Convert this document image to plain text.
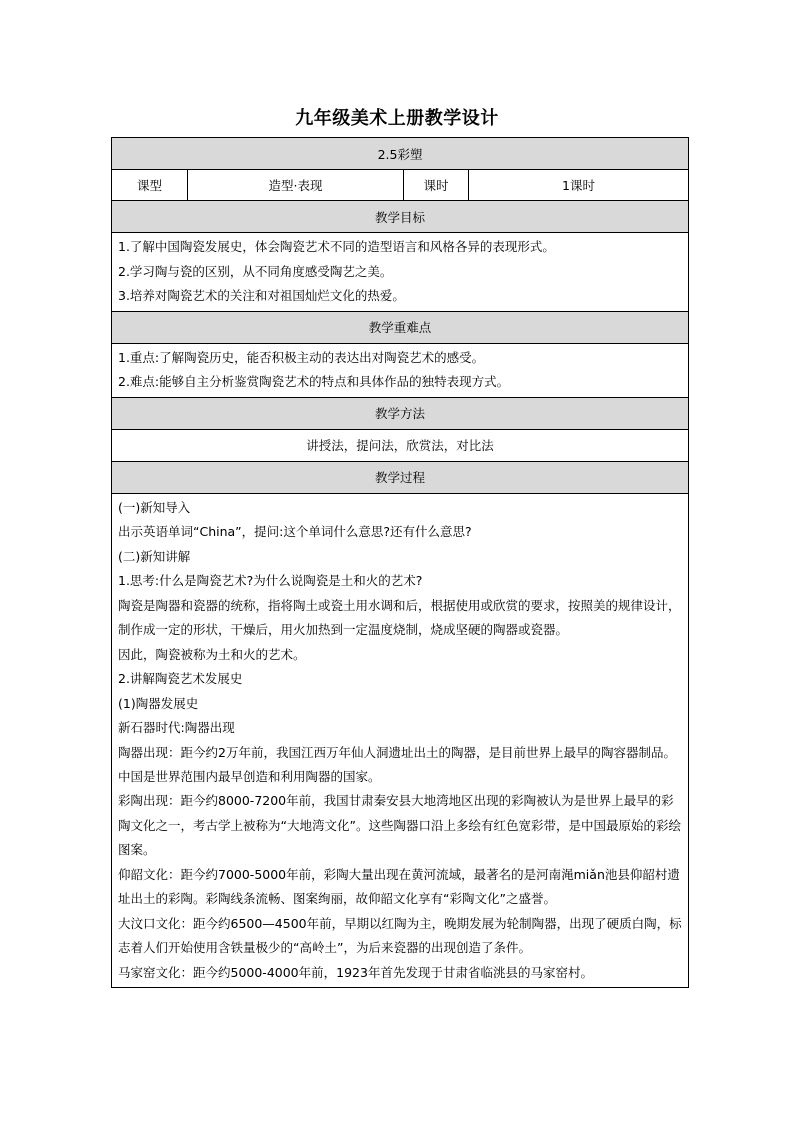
九年级美术上册教学设计
2.5彩塑
课型	造型·表现	课时	1课时
教学目标

1.了解中国陶瓷发展史，体会陶瓷艺术不同的造型语言和风格各异的表现形式。
2.学习陶与瓷的区别，从不同角度感受陶艺之美。
3.培养对陶瓷艺术的关注和对祖国灿烂文化的热爱。

教学重难点

1.重点:了解陶瓷历史，能否积极主动的表达出对陶瓷艺术的感受。
2.难点:能够自主分析鉴赏陶瓷艺术的特点和具体作品的独特表现方式。

教学方法
讲授法，提问法，欣赏法，对比法
教学过程

(一)新知导入
出示英语单词“China”，提问:这个单词什么意思?还有什么意思?
(二)新知讲解
1.思考:什么是陶瓷艺术?为什么说陶瓷是土和火的艺术?
陶瓷是陶器和瓷器的统称，指将陶土或瓷土用水调和后，根据使用或欣赏的要求，按照美的规律设计，制作成一定的形状，干燥后，用火加热到一定温度烧制，烧成坚硬的陶器或瓷器。
因此，陶瓷被称为土和火的艺术。
2.讲解陶瓷艺术发展史
(1)陶器发展史
新石器时代:陶器出现
陶器出现：距今约2万年前，我国江西万年仙人洞遗址出土的陶器，是目前世界上最早的陶容器制品。
中国是世界范围内最早创造和利用陶器的国家。
彩陶出现：距今约8000-7200年前，我国甘肃秦安县大地湾地区出现的彩陶被认为是世界上最早的彩陶文化之一，考古学上被称为“大地湾文化”。这些陶器口沿上多绘有红色宽彩带，是中国最原始的彩绘图案。
仰韶文化：距今约7000-5000年前，彩陶大量出现在黄河流域，最著名的是河南渑miǎn池县仰韶村遗址出土的彩陶。彩陶线条流畅、图案绚丽，故仰韶文化享有“彩陶文化”之盛誉。
大汶口文化：距今约6500—4500年前，早期以红陶为主，晚期发展为轮制陶器，出现了硬质白陶，标志着人们开始使用含铁量极少的“高岭土”，为后来瓷器的出现创造了条件。
马家窑文化：距今约5000-4000年前，1923年首先发现于甘肃省临洮县的马家窑村。
